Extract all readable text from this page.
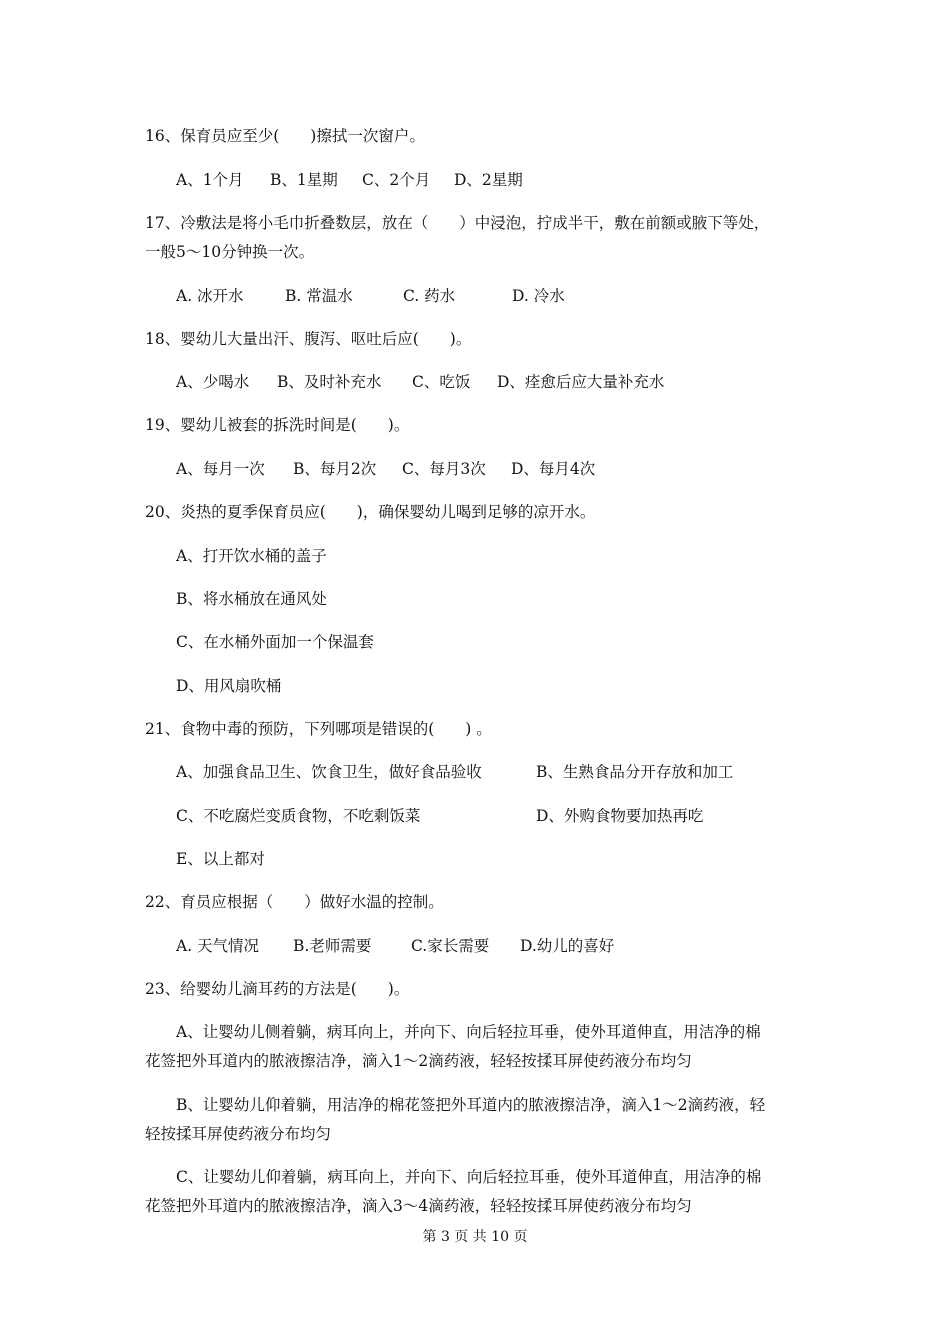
16、保育员应至少(　　)擦拭一次窗户。
A、1个月 B、1星期 C、2个月 D、2星期
17、冷敷法是将小毛巾折叠数层，放在（　　）中浸泡，拧成半干，敷在前额或腋下等处，
一般5～10分钟换一次。
A. 冰开水	B. 常温水	C. 药水	D. 冷水
18、婴幼儿大量出汗、腹泻、呕吐后应(　　)。
A、少喝水 B、及时补充水 C、吃饭 D、痊愈后应大量补充水
19、婴幼儿被套的拆洗时间是(　　)。
A、每月一次 B、每月2次 C、每月3次 D、每月4次
20、炎热的夏季保育员应(　　)，确保婴幼儿喝到足够的凉开水。
A、打开饮水桶的盖子
B、将水桶放在通风处
C、在水桶外面加一个保温套
D、用风扇吹桶
21、食物中毒的预防，下列哪项是错误的(　　) 。
A、加强食品卫生、饮食卫生，做好食品验收	B、生熟食品分开存放和加工
C、不吃腐烂变质食物，不吃剩饭菜	D、外购食物要加热再吃
E、以上都对
22、育员应根据（　　）做好水温的控制。
A. 天气情况 B.老师需要	C.家长需要 D.幼儿的喜好
23、给婴幼儿滴耳药的方法是(　　)。
A、让婴幼儿侧着躺，病耳向上，并向下、向后轻拉耳垂，使外耳道伸直，用洁净的棉
花签把外耳道内的脓液擦洁净，滴入1～2滴药液，轻轻按揉耳屏使药液分布均匀
B、让婴幼儿仰着躺，用洁净的棉花签把外耳道内的脓液擦洁净，滴入1～2滴药液，轻
轻按揉耳屏使药液分布均匀
C、让婴幼儿仰着躺，病耳向上，并向下、向后轻拉耳垂，使外耳道伸直，用洁净的棉
花签把外耳道内的脓液擦洁净，滴入3～4滴药液，轻轻按揉耳屏使药液分布均匀
第 3 页 共 10 页
